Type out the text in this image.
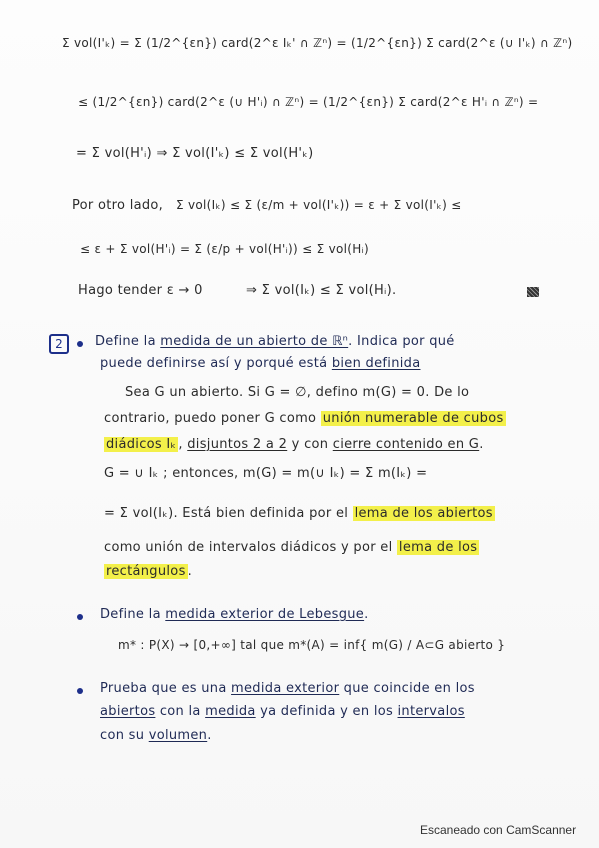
Σ vol(I'ₖ) = Σ (1/2^{εn}) card(2^ε Iₖ' ∩ ℤⁿ) = (1/2^{εn}) Σ card(2^ε (∪ I'ₖ) ∩ ℤⁿ)
≤ (1/2^{εn}) card(2^ε (∪ H'ᵢ) ∩ ℤⁿ) = (1/2^{εn}) Σ card(2^ε H'ᵢ ∩ ℤⁿ) =
= Σ vol(H'ᵢ) ⇒ Σ vol(I'ₖ) ≤ Σ vol(H'ₖ)
Por otro lado, Σ vol(Iₖ) ≤ Σ (ε/m + vol(I'ₖ)) = ε + Σ vol(I'ₖ) ≤
≤ ε + Σ vol(H'ᵢ) = Σ (ε/p + vol(H'ᵢ)) ≤ Σ vol(Hᵢ)
Hago tender ε → 0	⇒ Σ vol(Iₖ) ≤ Σ vol(Hᵢ).
2	Define la medida de un abierto de ℝⁿ. Indica por qué
puede definirse así y porqué está bien definida
Sea G un abierto. Si G = ∅, defino m(G) = 0. De lo
contrario, puedo poner G como unión numerable de cubos
diádicos Iₖ , disjuntos 2 a 2 y con cierre contenido en G.
G = ∪ Iₖ ; entonces, m(G) = m(∪ Iₖ) = Σ m(Iₖ) =
= Σ vol(Iₖ). Está bien definida por el lema de los abiertos
como unión de intervalos diádicos y por el lema de los
rectángulos .
Define la medida exterior de Lebesgue.
m* : P(X) → [0,+∞] tal que m*(A) = inf{ m(G) / A⊂G abierto }
Prueba que es una medida exterior que coincide en los
abiertos con la medida ya definida y en los intervalos
con su volumen.
Escaneado con CamScanner
